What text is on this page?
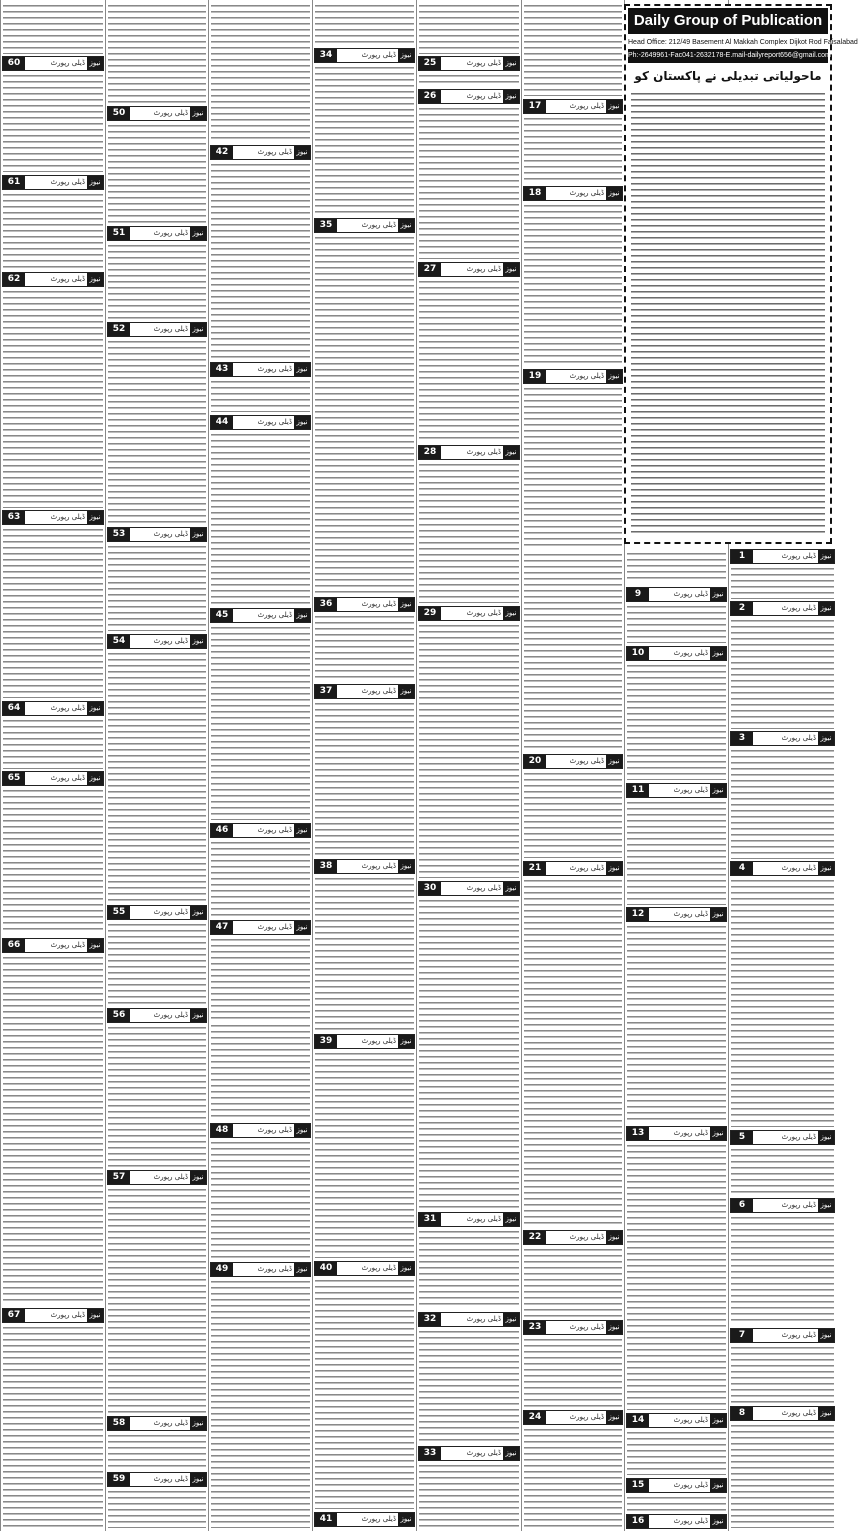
60	ڈیلی رپورٹ نیوز
61	ڈیلی رپورٹ نیوز
62	ڈیلی رپورٹ نیوز
63	ڈیلی رپورٹ نیوز
64	ڈیلی رپورٹ نیوز
65	ڈیلی رپورٹ نیوز
66	ڈیلی رپورٹ نیوز
67	ڈیلی رپورٹ نیوز
50	ڈیلی رپورٹ نیوز
51	ڈیلی رپورٹ نیوز
52	ڈیلی رپورٹ نیوز
53	ڈیلی رپورٹ نیوز
54	ڈیلی رپورٹ نیوز
55	ڈیلی رپورٹ نیوز
56	ڈیلی رپورٹ نیوز
57	ڈیلی رپورٹ نیوز
58	ڈیلی رپورٹ نیوز
59	ڈیلی رپورٹ نیوز
42	ڈیلی رپورٹ نیوز
43	ڈیلی رپورٹ نیوز
44	ڈیلی رپورٹ نیوز
45	ڈیلی رپورٹ نیوز
46	ڈیلی رپورٹ نیوز
47	ڈیلی رپورٹ نیوز
48	ڈیلی رپورٹ نیوز
49	ڈیلی رپورٹ نیوز
34	ڈیلی رپورٹ نیوز
35	ڈیلی رپورٹ نیوز
36	ڈیلی رپورٹ نیوز
37	ڈیلی رپورٹ نیوز
38	ڈیلی رپورٹ نیوز
39	ڈیلی رپورٹ نیوز
40	ڈیلی رپورٹ نیوز
41	ڈیلی رپورٹ نیوز
25	ڈیلی رپورٹ نیوز
26	ڈیلی رپورٹ نیوز
27	ڈیلی رپورٹ نیوز
28	ڈیلی رپورٹ نیوز
29	ڈیلی رپورٹ نیوز
30	ڈیلی رپورٹ نیوز
31	ڈیلی رپورٹ نیوز
32	ڈیلی رپورٹ نیوز
33	ڈیلی رپورٹ نیوز
17	ڈیلی رپورٹ نیوز
18	ڈیلی رپورٹ نیوز
19	ڈیلی رپورٹ نیوز
20	ڈیلی رپورٹ نیوز
21	ڈیلی رپورٹ نیوز
22	ڈیلی رپورٹ نیوز
23	ڈیلی رپورٹ نیوز
24	ڈیلی رپورٹ نیوز
9	ڈیلی رپورٹ نیوز
10	ڈیلی رپورٹ نیوز
11	ڈیلی رپورٹ نیوز
12	ڈیلی رپورٹ نیوز
13	ڈیلی رپورٹ نیوز
14	ڈیلی رپورٹ نیوز
15	ڈیلی رپورٹ نیوز
16	ڈیلی رپورٹ نیوز
1	ڈیلی رپورٹ نیوز
2	ڈیلی رپورٹ نیوز
3	ڈیلی رپورٹ نیوز
4	ڈیلی رپورٹ نیوز
5	ڈیلی رپورٹ نیوز
6	ڈیلی رپورٹ نیوز
7	ڈیلی رپورٹ نیوز
8	ڈیلی رپورٹ نیوز
Daily Group of Publication
Head Office: 212/49 Basement Al Makkah Complex Dijkot Rod Faisalabad
Ph:-2649961-Fac041-2632178-E.mail-dailyreport656@gmail.com
ماحولیاتی تبدیلی نے پاکستان کو
